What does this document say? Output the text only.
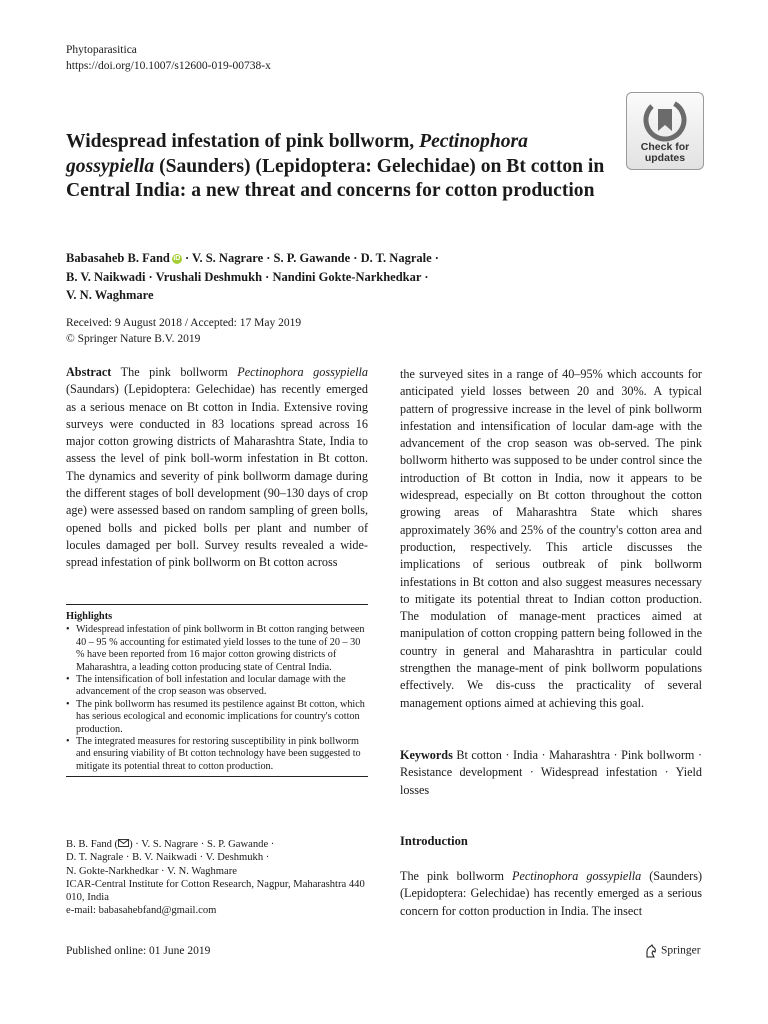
Phytoparasitica
https://doi.org/10.1007/s12600-019-00738-x
Check for
updates
Widespread infestation of pink bollworm, Pectinophora gossypiella (Saunders) (Lepidoptera: Gelechidae) on Bt cotton in Central India: a new threat and concerns for cotton production
Babasaheb B. Fand iD · V. S. Nagrare · S. P. Gawande · D. T. Nagrale ·
B. V. Naikwadi · Vrushali Deshmukh · Nandini Gokte-Narkhedkar ·
V. N. Waghmare
Received: 9 August 2018 / Accepted: 17 May 2019
© Springer Nature B.V. 2019

Abstract The pink bollworm Pectinophora gossypiella (Saundars) (Lepidoptera: Gelechidae) has recently emerged as a serious menace on Bt cotton in India. Extensive roving surveys were conducted in 83 locations spread across 16 major cotton growing districts of Maharashtra State, India to assess the level of pink boll-worm infestation in Bt cotton. The dynamics and severity of pink bollworm damage during the different stages of boll development (90–130 days of crop age) were assessed based on random sampling of green bolls, opened bolls and picked bolls per plant and number of locules damaged per boll. Survey results revealed a wide-spread infestation of pink bollworm on Bt cotton across

Highlights
• Widespread infestation of pink bollworm in Bt cotton ranging between 40 – 95 % accounting for estimated yield losses to the tune of 20 – 30 % have been reported from 16 major cotton growing districts of Maharashtra, a leading cotton producing state of Central India.
• The intensification of boll infestation and locular damage with the advancement of the crop season was observed.
• The pink bollworm has resumed its pestilence against Bt cotton, which has serious ecological and economic implications for country's cotton production.
• The integrated measures for restoring susceptibility in pink bollworm and ensuring viability of Bt cotton technology have been suggested to mitigate its potential threat to cotton production.
B. B. Fand ( ) · V. S. Nagrare · S. P. Gawande ·
D. T. Nagrale · B. V. Naikwadi · V. Deshmukh ·
N. Gokte-Narkhedkar · V. N. Waghmare
ICAR-Central Institute for Cotton Research, Nagpur, Maharashtra 440 010, India
e-mail: babasahebfand@gmail.com

the surveyed sites in a range of 40–95% which accounts for anticipated yield losses between 20 and 30%. A typical pattern of progressive increase in the level of pink bollworm infestation and intensification of locular dam-age with the advancement of the crop season was ob-served. The pink bollworm hitherto was supposed to be under control since the introduction of Bt cotton in India, now it appears to be widespread, especially on Bt cotton throughout the cotton growing areas of Maharashtra State which shares approximately 36% and 25% of the country's cotton area and production, respectively. This article discusses the implications of serious outbreak of pink bollworm infestations in Bt cotton and also suggest measures necessary to mitigate its potential threat to Indian cotton production. The modulation of manage-ment practices aimed at manipulation of cotton cropping pattern being followed in the country in general and Maharashtra in particular could strengthen the manage-ment of pink bollworm populations effectively. We dis-cuss the practicality of several management options aimed at achieving this goal.

Keywords Bt cotton · India · Maharashtra · Pink bollworm · Resistance development · Widespread infestation · Yield losses
Introduction

The pink bollworm Pectinophora gossypiella (Saunders) (Lepidoptera: Gelechidae) has recently emerged as a serious concern for cotton production in India. The insect

Published online: 01 June 2019	Springer
